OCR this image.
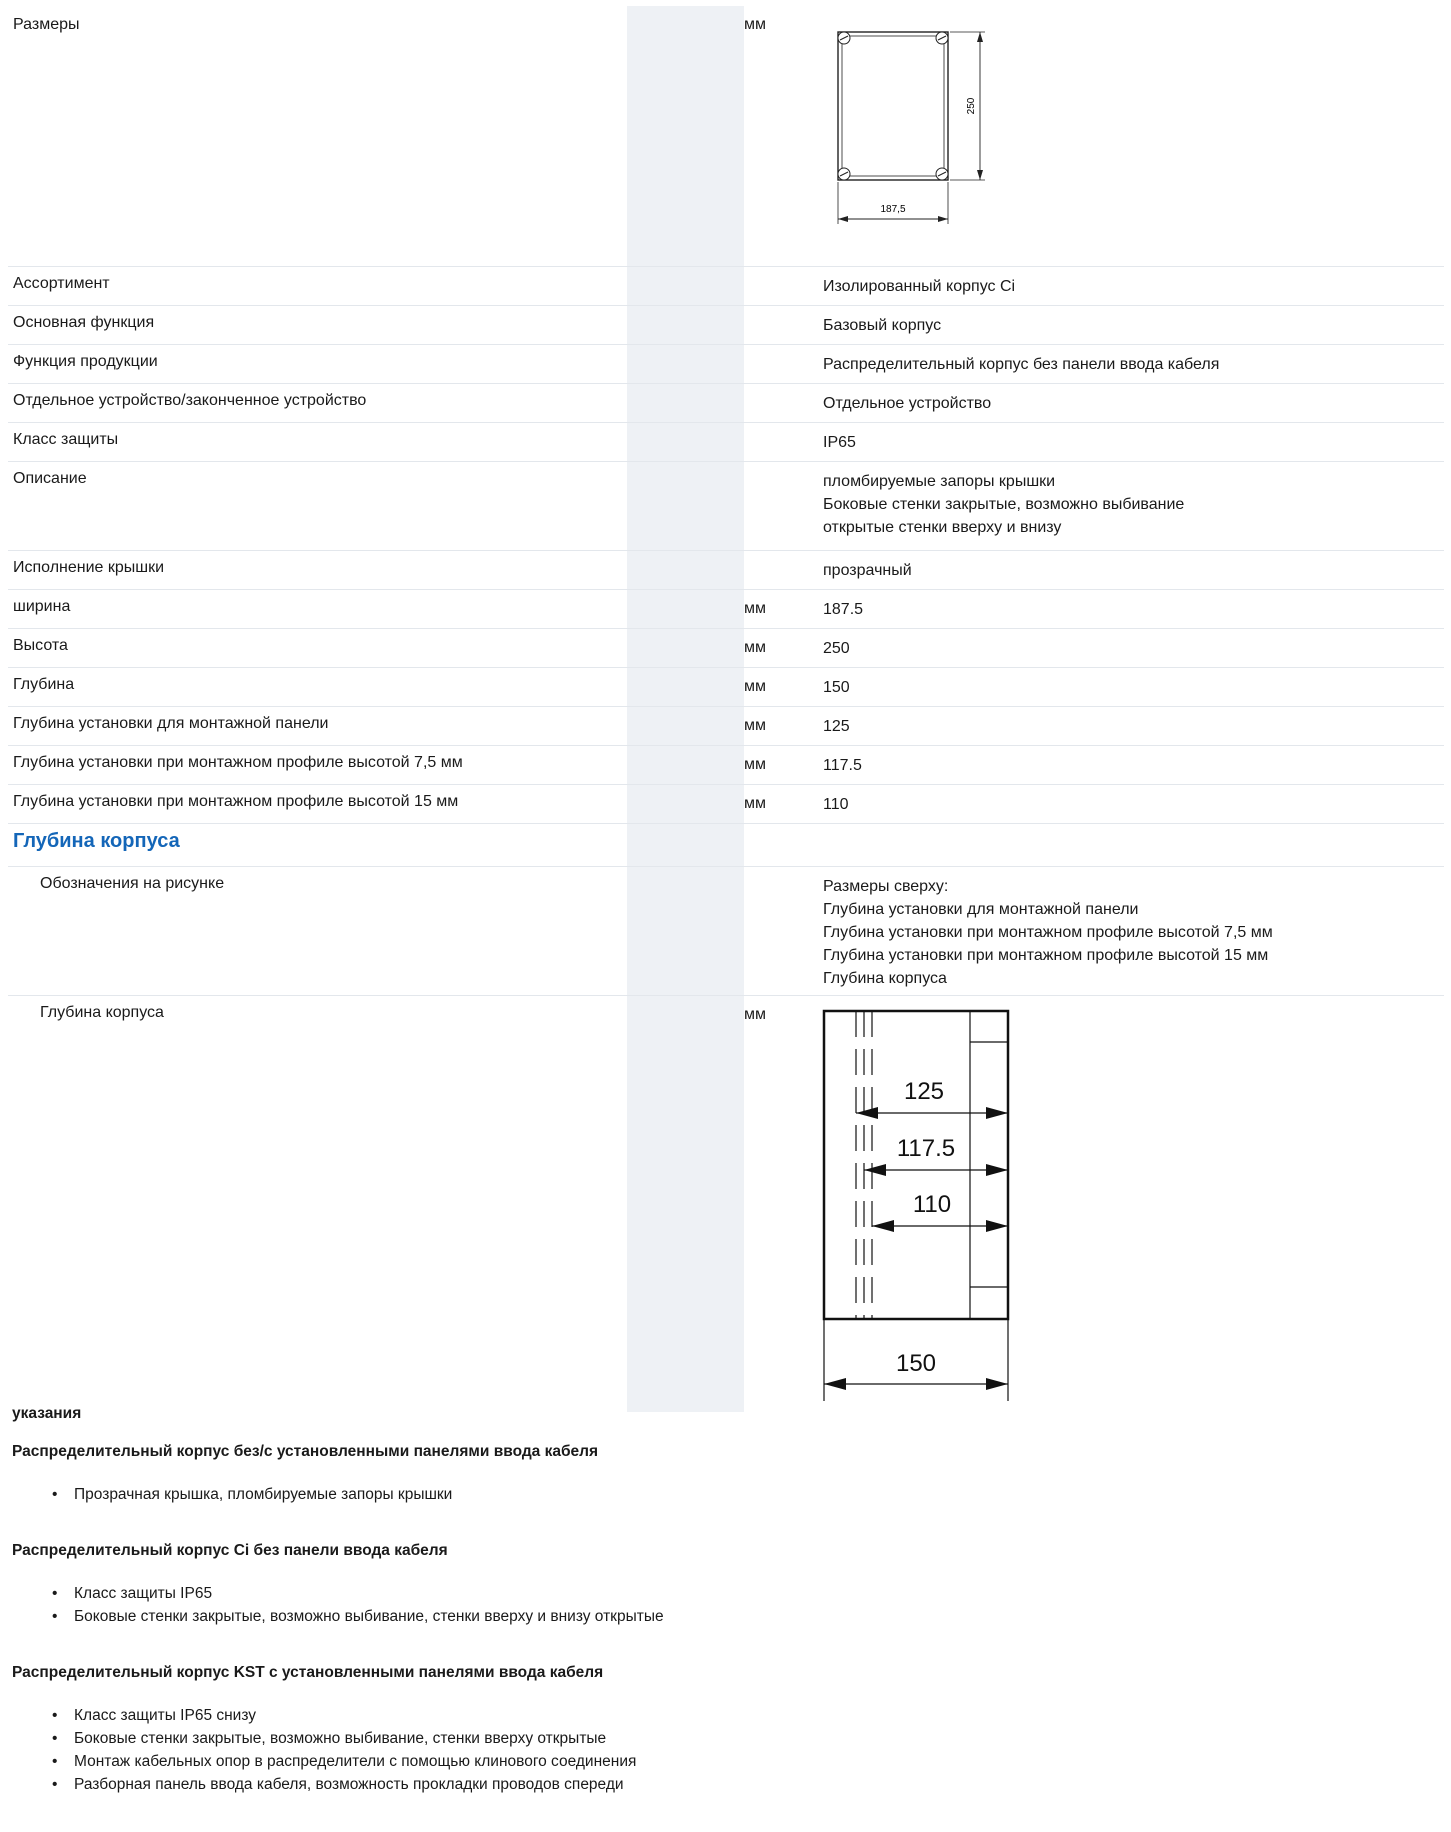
Размеры	мм
250
187,5
Ассортимент	Изолированный корпус Ci
Основная функция	Базовый корпус
Функция продукции	Распределительный корпус без панели ввода кабеля
Отдельное устройство/законченное устройство	Отдельное устройство
Класс защиты	IP65
Описание	пломбируемые запоры крышки
Боковые стенки закрытые, возможно выбивание
открытые стенки вверху и внизу
Исполнение крышки	прозрачный
ширина	мм	187.5
Высота	мм	250
Глубина	мм	150
Глубина установки для монтажной панели	мм	125
Глубина установки при монтажном профиле высотой 7,5 мм	мм	117.5
Глубина установки при монтажном профиле высотой 15 мм	мм	110
Глубина корпуса
Обозначения на рисунке	Размеры сверху:
Глубина установки для монтажной панели
Глубина установки при монтажном профиле высотой 7,5 мм
Глубина установки при монтажном профиле высотой 15 мм
Глубина корпуса
Глубина корпуса	мм
125
117.5
110
150
указания
Распределительный корпус без/с установленными панелями ввода кабеля
• Прозрачная крышка, пломбируемые запоры крышки
Распределительный корпус Ci без панели ввода кабеля
• Класс защиты IP65
• Боковые стенки закрытые, возможно выбивание, стенки вверху и внизу открытые
Распределительный корпус KST с установленными панелями ввода кабеля
• Класс защиты IP65 снизу
• Боковые стенки закрытые, возможно выбивание, стенки вверху открытые
• Монтаж кабельных опор в распределители с помощью клинового соединения
• Разборная панель ввода кабеля, возможность прокладки проводов спереди
